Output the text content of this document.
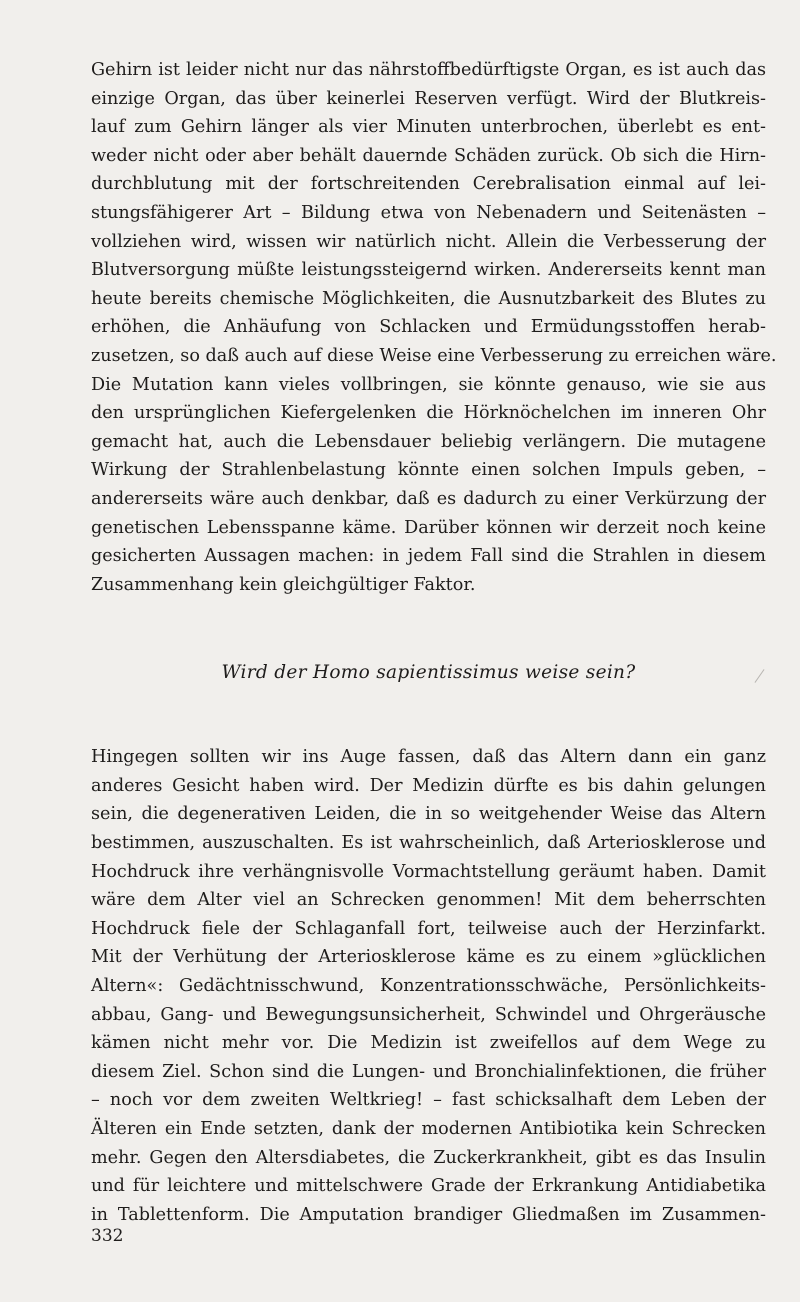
Gehirn ist leider nicht nur das nährstoffbedürftigste Organ, es ist auch das
einzige Organ, das über keinerlei Reserven verfügt. Wird der Blutkreis-
lauf zum Gehirn länger als vier Minuten unterbrochen, überlebt es ent-
weder nicht oder aber behält dauernde Schäden zurück. Ob sich die Hirn-
durchblutung mit der fortschreitenden Cerebralisation einmal auf lei-
stungsfähigerer Art – Bildung etwa von Nebenadern und Seitenästen –
vollziehen wird, wissen wir natürlich nicht. Allein die Verbesserung der
Blutversorgung müßte leistungssteigernd wirken. Andererseits kennt man
heute bereits chemische Möglichkeiten, die Ausnutzbarkeit des Blutes zu
erhöhen, die Anhäufung von Schlacken und Ermüdungsstoffen herab-
zusetzen, so daß auch auf diese Weise eine Verbesserung zu erreichen wäre.
Die Mutation kann vieles vollbringen, sie könnte genauso, wie sie aus
den ursprünglichen Kiefergelenken die Hörknöchelchen im inneren Ohr
gemacht hat, auch die Lebensdauer beliebig verlängern. Die mutagene
Wirkung der Strahlenbelastung könnte einen solchen Impuls geben, –
andererseits wäre auch denkbar, daß es dadurch zu einer Verkürzung der
genetischen Lebensspanne käme. Darüber können wir derzeit noch keine
gesicherten Aussagen machen: in jedem Fall sind die Strahlen in diesem
Zusammenhang kein gleichgültiger Faktor.
Wird der Homo sapientissimus weise sein?
Hingegen sollten wir ins Auge fassen, daß das Altern dann ein ganz
anderes Gesicht haben wird. Der Medizin dürfte es bis dahin gelungen
sein, die degenerativen Leiden, die in so weitgehender Weise das Altern
bestimmen, auszuschalten. Es ist wahrscheinlich, daß Arteriosklerose und
Hochdruck ihre verhängnisvolle Vormachtstellung geräumt haben. Damit
wäre dem Alter viel an Schrecken genommen! Mit dem beherrschten
Hochdruck fiele der Schlaganfall fort, teilweise auch der Herzinfarkt.
Mit der Verhütung der Arteriosklerose käme es zu einem »glücklichen
Altern«: Gedächtnisschwund, Konzentrationsschwäche, Persönlichkeits-
abbau, Gang- und Bewegungsunsicherheit, Schwindel und Ohrgeräusche
kämen nicht mehr vor. Die Medizin ist zweifellos auf dem Wege zu
diesem Ziel. Schon sind die Lungen- und Bronchialinfektionen, die früher
– noch vor dem zweiten Weltkrieg! – fast schicksalhaft dem Leben der
Älteren ein Ende setzten, dank der modernen Antibiotika kein Schrecken
mehr. Gegen den Altersdiabetes, die Zuckerkrankheit, gibt es das Insulin
und für leichtere und mittelschwere Grade der Erkrankung Antidiabetika
in Tablettenform. Die Amputation brandiger Gliedmaßen im Zusammen-
332
